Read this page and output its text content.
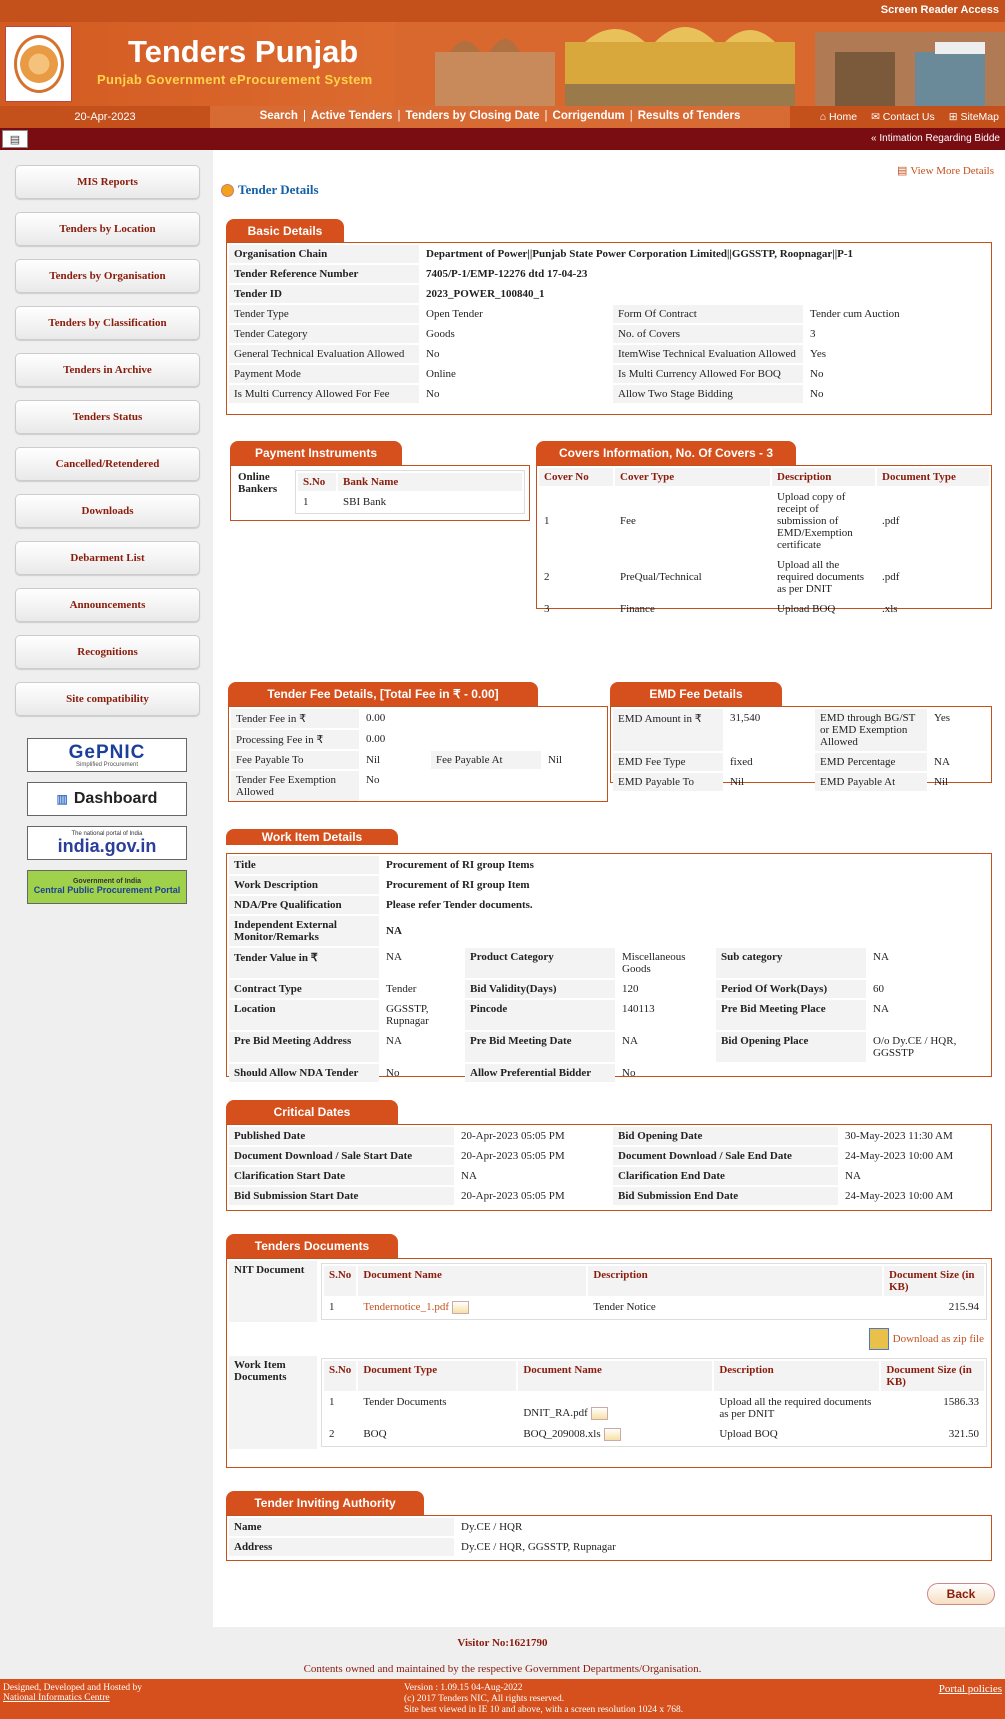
Screen Reader Access
Tenders Punjab
Punjab Government eProcurement System
20-Apr-2023	Search | Active Tenders | Tenders by Closing Date | Corrigendum | Results of Tenders	⌂ Home ✉ Contact Us ⊞ SiteMap
▤	« Intimation Regarding Bidde
MIS Reports
Tenders by Location
Tenders by Organisation
Tenders by Classification
Tenders in Archive
Tenders Status
Cancelled/Retendered
Downloads
Debarment List
Announcements
Recognitions
Site compatibility
GePNIC
Simplified Procurement
▥ Dashboard
The national portal of India
india.gov.in
Government of India
Central Public Procurement Portal
▤ View More Details
Tender Details
Basic Details
Organisation Chain	Department of Power||Punjab State Power Corporation Limited||GGSSTP, Roopnagar||P-1		
Tender Reference Number	7405/P-1/EMP-12276 dtd 17-04-23		
Tender ID	2023_POWER_100840_1		
Tender Type	Open Tender	Form Of Contract	Tender cum Auction
Tender Category	Goods	No. of Covers	3
General Technical Evaluation Allowed	No	ItemWise Technical Evaluation Allowed	Yes
Payment Mode	Online	Is Multi Currency Allowed For BOQ	No
Is Multi Currency Allowed For Fee	No	Allow Two Stage Bidding	No
Payment Instruments
Online Bankers	
S.No	Bank Name
1	SBI Bank
Covers Information, No. Of Covers - 3
Cover No	Cover Type	Description	Document Type
1	Fee	Upload copy of receipt of submission of EMD/Exemption certificate	.pdf
2	PreQual/Technical	Upload all the required documents as per DNIT	.pdf
3	Finance	Upload BOQ	.xls
Tender Fee Details, [Total Fee in ₹ - 0.00]
Tender Fee in ₹	0.00		
Processing Fee in ₹	0.00		
Fee Payable To	Nil	Fee Payable At	Nil
Tender Fee Exemption Allowed	No		
EMD Fee Details
EMD Amount in ₹	31,540	EMD through BG/ST or EMD Exemption Allowed	Yes
EMD Fee Type	fixed	EMD Percentage	NA
EMD Payable To	Nil	EMD Payable At	Nil
Work Item Details
Title	Procurement of RI group Items				
Work Description	Procurement of RI group Item				
NDA/Pre Qualification	Please refer Tender documents.				
Independent External Monitor/Remarks	NA				
Tender Value in ₹	NA	Product Category	Miscellaneous Goods	Sub category	NA
Contract Type	Tender	Bid Validity(Days)	120	Period Of Work(Days)	60
Location	GGSSTP, Rupnagar	Pincode	140113	Pre Bid Meeting Place	NA
Pre Bid Meeting Address	NA	Pre Bid Meeting Date	NA	Bid Opening Place	O/o Dy.CE / HQR, GGSSTP
Should Allow NDA Tender	No	Allow Preferential Bidder	No		
Critical Dates
Published Date	20-Apr-2023 05:05 PM	Bid Opening Date	30-May-2023 11:30 AM
Document Download / Sale Start Date	20-Apr-2023 05:05 PM	Document Download / Sale End Date	24-May-2023 10:00 AM
Clarification Start Date	NA	Clarification End Date	NA
Bid Submission Start Date	20-Apr-2023 05:05 PM	Bid Submission End Date	24-May-2023 10:00 AM
Tenders Documents
NIT Document	S.No	Document Name	Description	Document Size (in KB)
1	Tendernotice_1.pdf	Tender Notice	215.94

Download as zip file
Work Item Documents	
S.No	Document Type	Document Name	Description	Document Size (in KB)
1	Tender Documents	DNIT_RA.pdf	Upload all the required documents as per DNIT	1586.33
2	BOQ	BOQ_209008.xls	Upload BOQ	321.50
Tender Inviting Authority
Name	Dy.CE / HQR
Address	Dy.CE / HQR, GGSSTP, Rupnagar
Back
Visitor No:1621790
Contents owned and maintained by the respective Government Departments/Organisation.
Designed, Developed and Hosted by
National Informatics Centre
Version : 1.09.15 04-Aug-2022
(c) 2017 Tenders NIC, All rights reserved.
Site best viewed in IE 10 and above, with a screen resolution 1024 x 768.
Portal policies
